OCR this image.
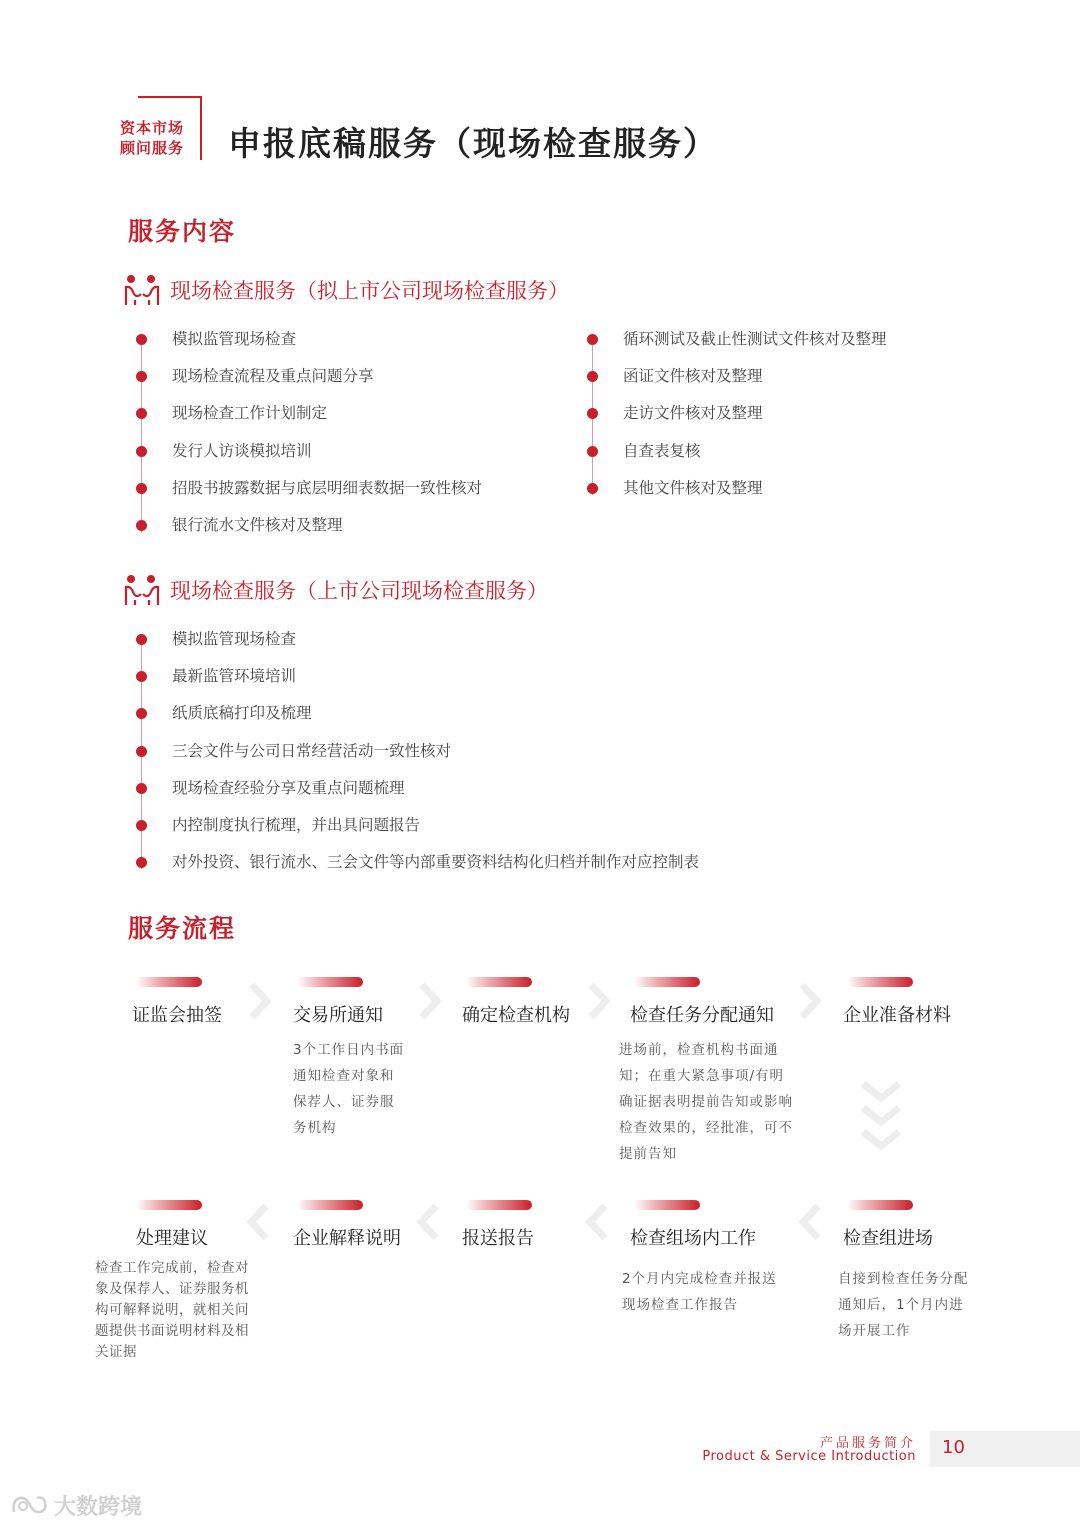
资本市场
顾问服务 申报底稿服务（现场检查服务）
服务内容
现场检查服务（拟上市公司现场检查服务）
模拟监管现场检查
现场检查流程及重点问题分享
现场检查工作计划制定
发行人访谈模拟培训
招股书披露数据与底层明细表数据一致性核对
银行流水文件核对及整理
循环测试及截止性测试文件核对及整理
函证文件核对及整理
走访文件核对及整理
自查表复核
其他文件核对及整理
现场检查服务（上市公司现场检查服务）
模拟监管现场检查
最新监管环境培训
纸质底稿打印及梳理
三会文件与公司日常经营活动一致性核对
现场检查经验分享及重点问题梳理
内控制度执行梳理，并出具问题报告
对外投资、银行流水、三会文件等内部重要资料结构化归档并制作对应控制表
服务流程
证监会抽签	交易所通知
3个工作日内书面通知检查对象和保荐人、证券服务机构
确定检查机构	检查任务分配通知
进场前，检查机构书面通知；在重大紧急事项/有明确证据表明提前告知或影响检查效果的，经批准，可不提前告知
企业准备材料
处理建议
检查工作完成前，检查对象及保荐人、证券服务机构可解释说明，就相关问题提供书面说明材料及相关证据
企业解释说明	报送报告	检查组场内工作
2个月内完成检查并报送现场检查工作报告
检查组进场
自接到检查任务分配通知后，1个月内进场开展工作
产品服务简介
Product & Service Introduction 10
大数跨境
